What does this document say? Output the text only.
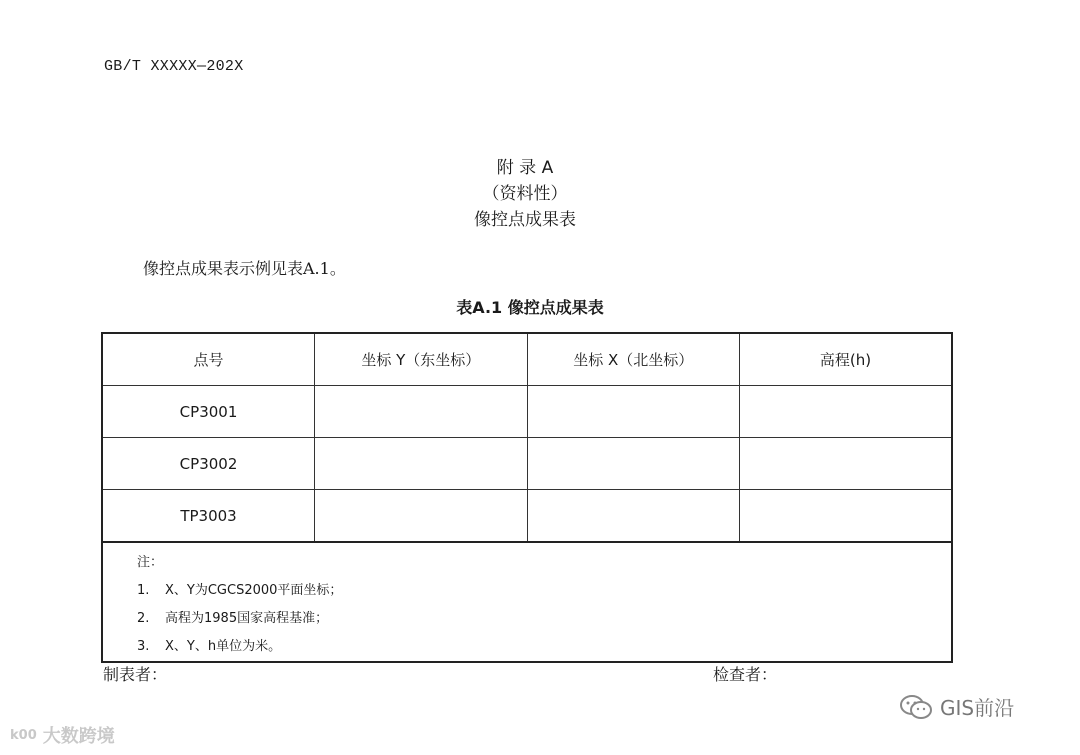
GB/T XXXXX—202X
附 录 A
（资料性）
像控点成果表
像控点成果表示例见表A.1。
表A.1 像控点成果表
点号	坐标 Y（东坐标）	坐标 X（北坐标）	高程(h)
CP3001			
CP3002			
TP3003			

注：
1. X、Y为CGCS2000平面坐标；
2. 高程为1985国家高程基准；
3. X、Y、h单位为米。			
制表者：	检查者：
GIS前沿
k00 大数跨境
